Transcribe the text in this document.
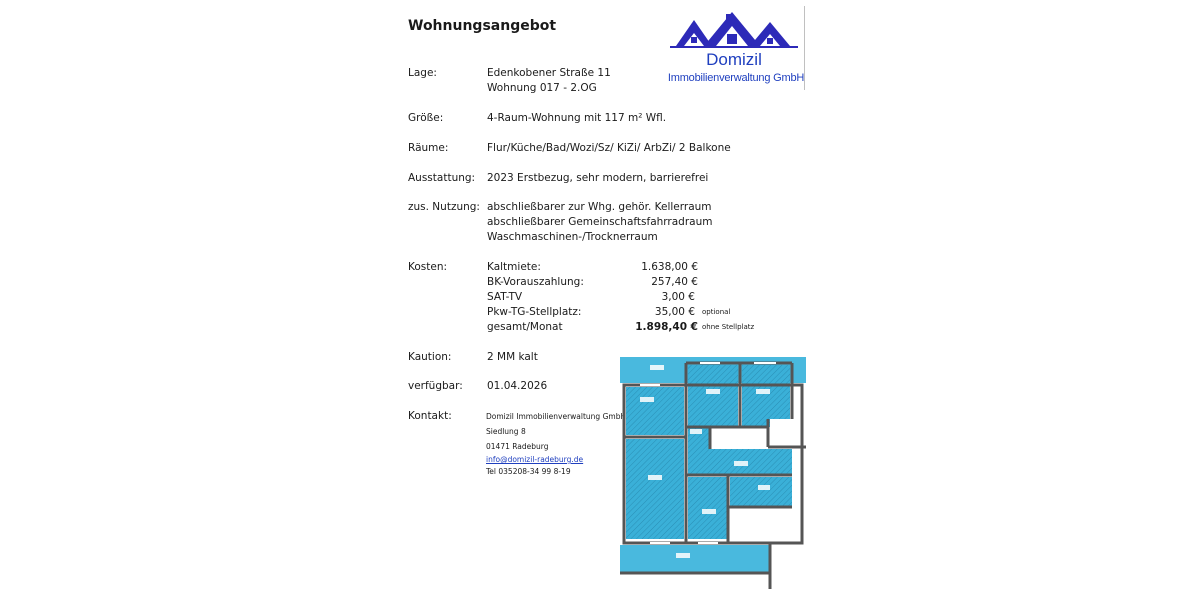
Wohnungsangebot
Domizil
Immobilienverwaltung GmbH
Lage:	Edenkobener Straße 11
Wohnung 017 - 2.OG
Größe:	4-Raum-Wohnung mit 117 m² Wfl.
Räume:	Flur/Küche/Bad/Wozi/Sz/ KiZi/ ArbZi/ 2 Balkone
Ausstattung: 2023 Erstbezug, sehr modern, barrierefrei
zus. Nutzung: abschließbarer zur Whg. gehör. Kellerraum
abschließbarer Gemeinschaftsfahrradraum
Waschmaschinen-/Trocknerraum
Kosten:	Kaltmiete:	1.638,00 €
BK-Vorauszahlung:	257,40 €
SAT-TV	3,00 €
Pkw-TG-Stellplatz:	35,00 € optional
gesamt/Monat	1.898,40 € ohne Stellplatz
Kaution:	2 MM kalt
verfügbar: 01.04.2026
Kontakt:	Domizil Immobilienverwaltung GmbH
Siedlung 8
01471 Radeburg
info@domizil-radeburg.de
Tel 035208-34 99 8-19
